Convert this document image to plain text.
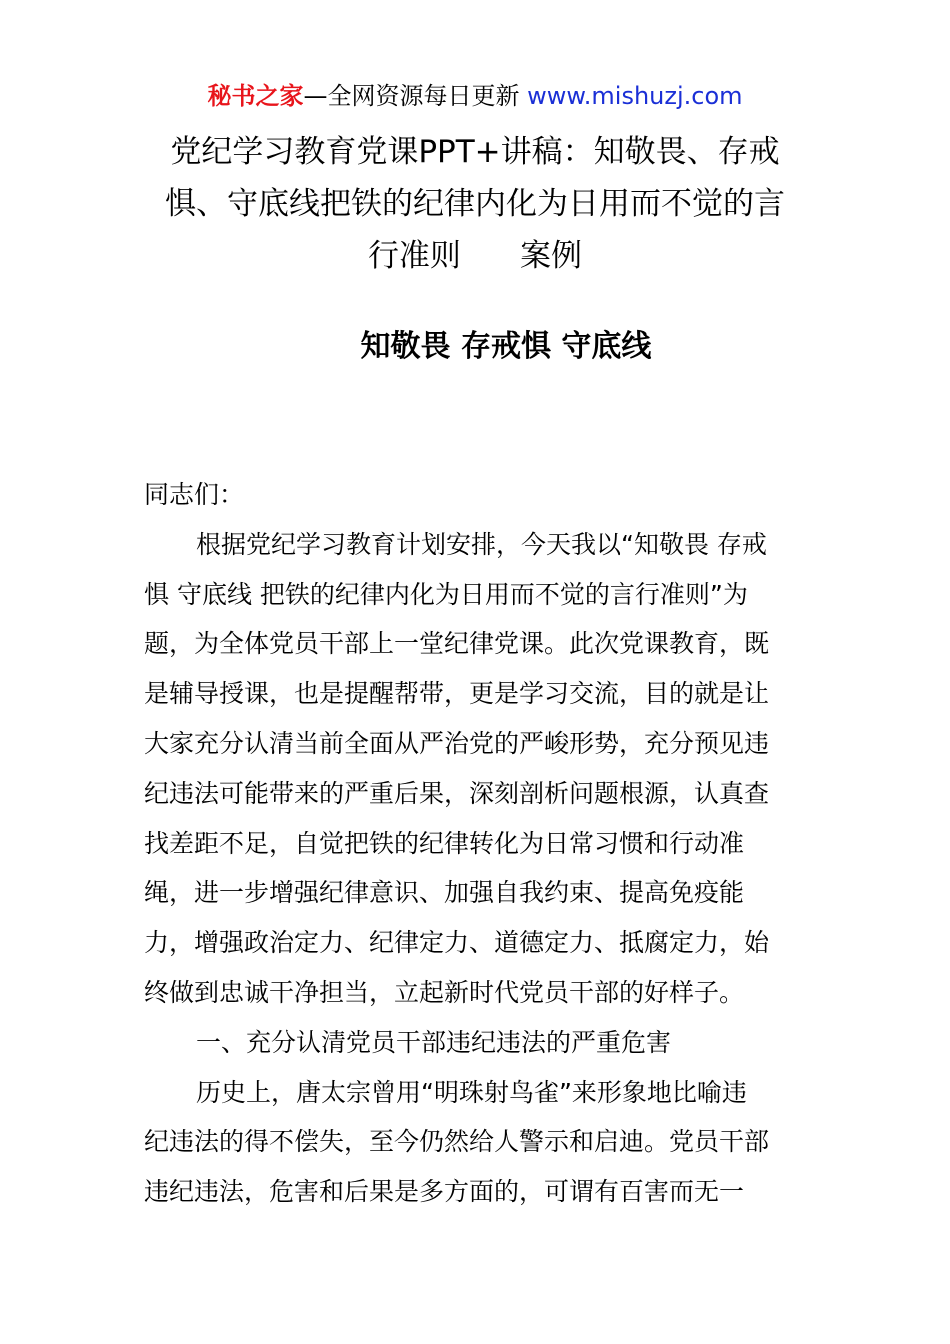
秘书之家—全网资源每日更新 www.mishuzj.com
党纪学习教育党课PPT+讲稿：知敬畏、存戒
惧、守底线把铁的纪律内化为日用而不觉的言
行准则      案例
知敬畏 存戒惧 守底线
同志们：
根据党纪学习教育计划安排，今天我以“知敬畏 存戒
惧 守底线 把铁的纪律内化为日用而不觉的言行准则”为
题，为全体党员干部上一堂纪律党课。此次党课教育，既
是辅导授课，也是提醒帮带，更是学习交流，目的就是让
大家充分认清当前全面从严治党的严峻形势，充分预见违
纪违法可能带来的严重后果，深刻剖析问题根源，认真查
找差距不足，自觉把铁的纪律转化为日常习惯和行动准
绳，进一步增强纪律意识、加强自我约束、提高免疫能
力，增强政治定力、纪律定力、道德定力、抵腐定力，始
终做到忠诚干净担当，立起新时代党员干部的好样子。
一、充分认清党员干部违纪违法的严重危害
历史上，唐太宗曾用“明珠射鸟雀”来形象地比喻违
纪违法的得不偿失，至今仍然给人警示和启迪。党员干部
违纪违法，危害和后果是多方面的，可谓有百害而无一
